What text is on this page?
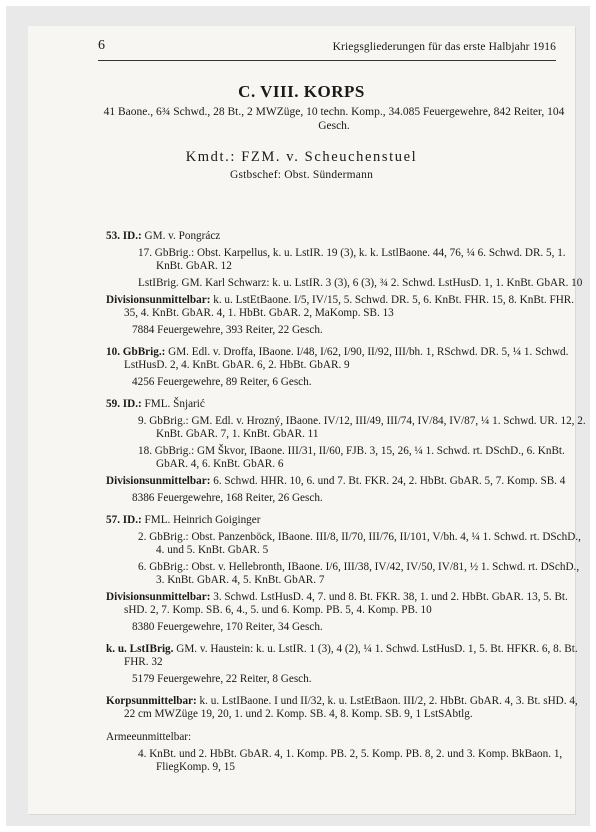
6	Kriegsgliederungen für das erste Halbjahr 1916
C. VIII. KORPS
41 Baone., 6¾ Schwd., 28 Bt., 2 MWZüge, 10 techn. Komp., 34.085 Feuergewehre, 842 Reiter, 104 Gesch.
Kmdt.: FZM. v. Scheuchenstuel
Gstbschef: Obst. Sündermann
53. ID.: GM. v. Pongrácz
17. GbBrig.: Obst. Karpellus, k. u. LstIR. 19 (3), k. k. LstlBaone. 44, 76, ¼ 6. Schwd. DR. 5, 1. KnBt. GbAR. 12
LstIBrig. GM. Karl Schwarz: k. u. LstIR. 3 (3), 6 (3), ¾ 2. Schwd. LstHusD. 1, 1. KnBt. GbAR. 10
Divisionsunmittelbar: k. u. LstEtBaone. I/5, IV/15, 5. Schwd. DR. 5, 6. KnBt. FHR. 15, 8. KnBt. FHR. 35, 4. KnBt. GbAR. 4, 1. HbBt. GbAR. 2, MaKomp. SB. 13
7884 Feuergewehre, 393 Reiter, 22 Gesch.
10. GbBrig.: GM. Edl. v. Droffa, IBaone. I/48, I/62, I/90, II/92, III/bh. 1, RSchwd. DR. 5, ¼ 1. Schwd. LstHusD. 2, 4. KnBt. GbAR. 6, 2. HbBt. GbAR. 9
4256 Feuergewehre, 89 Reiter, 6 Gesch.
59. ID.: FML. Šnjarić
9. GbBrig.: GM. Edl. v. Hrozný, IBaone. IV/12, III/49, III/74, IV/84, IV/87, ¼ 1. Schwd. UR. 12, 2. KnBt. GbAR. 7, 1. KnBt. GbAR. 11
18. GbBrig.: GM Škvor, IBaone. III/31, II/60, FJB. 3, 15, 26, ¼ 1. Schwd. rt. DSchD., 6. KnBt. GbAR. 4, 6. KnBt. GbAR. 6
Divisionsunmittelbar: 6. Schwd. HHR. 10, 6. und 7. Bt. FKR. 24, 2. HbBt. GbAR. 5, 7. Komp. SB. 4
8386 Feuergewehre, 168 Reiter, 26 Gesch.
57. ID.: FML. Heinrich Goiginger
2. GbBrig.: Obst. Panzenböck, IBaone. III/8, II/70, III/76, II/101, V/bh. 4, ¼ 1. Schwd. rt. DSchD., 4. und 5. KnBt. GbAR. 5
6. GbBrig.: Obst. v. Hellebronth, IBaone. I/6, III/38, IV/42, IV/50, IV/81, ½ 1. Schwd. rt. DSchD., 3. KnBt. GbAR. 4, 5. KnBt. GbAR. 7
Divisionsunmittelbar: 3. Schwd. LstHusD. 4, 7. und 8. Bt. FKR. 38, 1. und 2. HbBt. GbAR. 13, 5. Bt. sHD. 2, 7. Komp. SB. 6, 4., 5. und 6. Komp. PB. 5, 4. Komp. PB. 10
8380 Feuergewehre, 170 Reiter, 34 Gesch.
k. u. LstIBrig. GM. v. Haustein: k. u. LstIR. 1 (3), 4 (2), ¼ 1. Schwd. LstHusD. 1, 5. Bt. HFKR. 6, 8. Bt. FHR. 32
5179 Feuergewehre, 22 Reiter, 8 Gesch.
Korpsunmittelbar: k. u. LstIBaone. I und II/32, k. u. LstEtBaon. III/2, 2. HbBt. GbAR. 4, 3. Bt. sHD. 4, 22 cm MWZüge 19, 20, 1. und 2. Komp. SB. 4, 8. Komp. SB. 9, 1 LstSAbtlg.
Armeeunmittelbar:
4. KnBt. und 2. HbBt. GbAR. 4, 1. Komp. PB. 2, 5. Komp. PB. 8, 2. und 3. Komp. BkBaon. 1, FliegKomp. 9, 15
